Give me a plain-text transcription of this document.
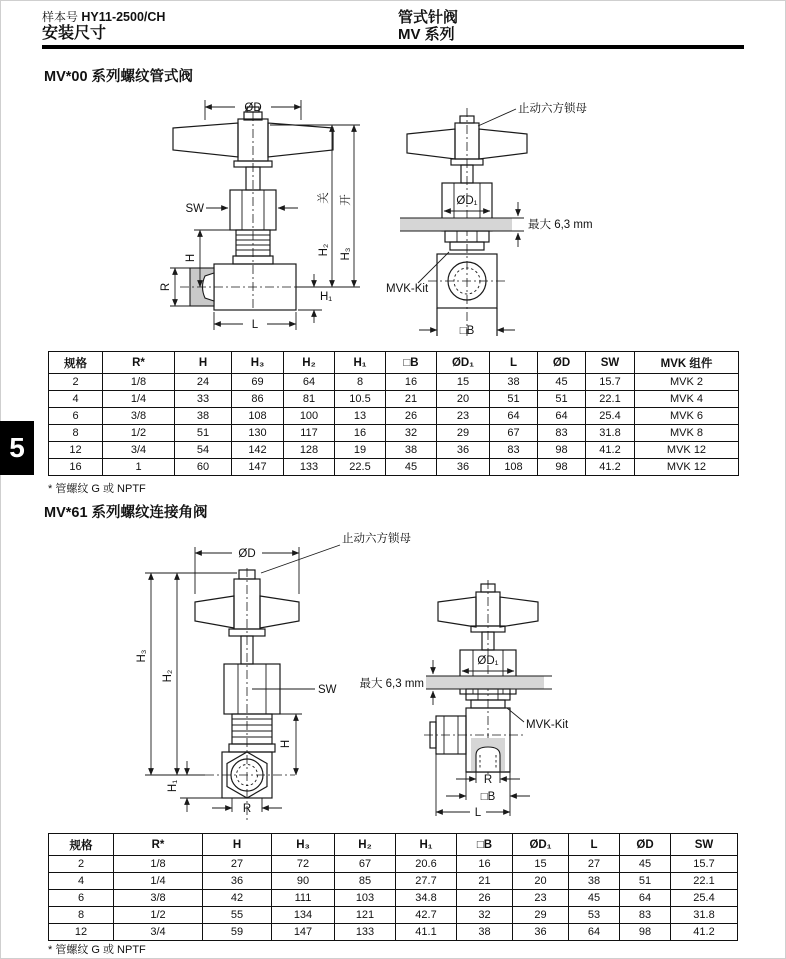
样本号 HY11-2500/CH
安装尺寸
管式针阀
MV 系列
MV*00 系列螺纹管式阀
ØD
SW
H
R
L
H₁
H₂
关
H₃
开
止动六方锁母
ØD₁
最大 6,3 mm
MVK-Kit
□B
规格	R*	H	H₃	H₂	H₁	□B	ØD₁	L	ØD	SW	MVK 组件
2	1/8	24	69	64	8	16	15	38	45	15.7	MVK 2
4	1/4	33	86	81	10.5	21	20	51	51	22.1	MVK 4
6	3/8	38	108	100	13	26	23	64	64	25.4	MVK 6
8	1/2	51	130	117	16	32	29	67	83	31.8	MVK 8
12	3/4	54	142	128	19	38	36	83	98	41.2	MVK 12
16	1	60	147	133	22.5	45	36	108	98	41.2	MVK 12
* 管螺纹 G 或 NPTF
5
MV*61 系列螺纹连接角阀
ØD
止动六方锁母
SW
H₃
H₂
H
H₁
R
ØD₁
最大 6,3 mm
MVK-Kit
R
□B
L
规格	R*	H	H₃	H₂	H₁	□B	ØD₁	L	ØD	SW
2	1/8	27	72	67	20.6	16	15	27	45	15.7
4	1/4	36	90	85	27.7	21	20	38	51	22.1
6	3/8	42	111	103	34.8	26	23	45	64	25.4
8	1/2	55	134	121	42.7	32	29	53	83	31.8
12	3/4	59	147	133	41.1	38	36	64	98	41.2
* 管螺纹 G 或 NPTF
